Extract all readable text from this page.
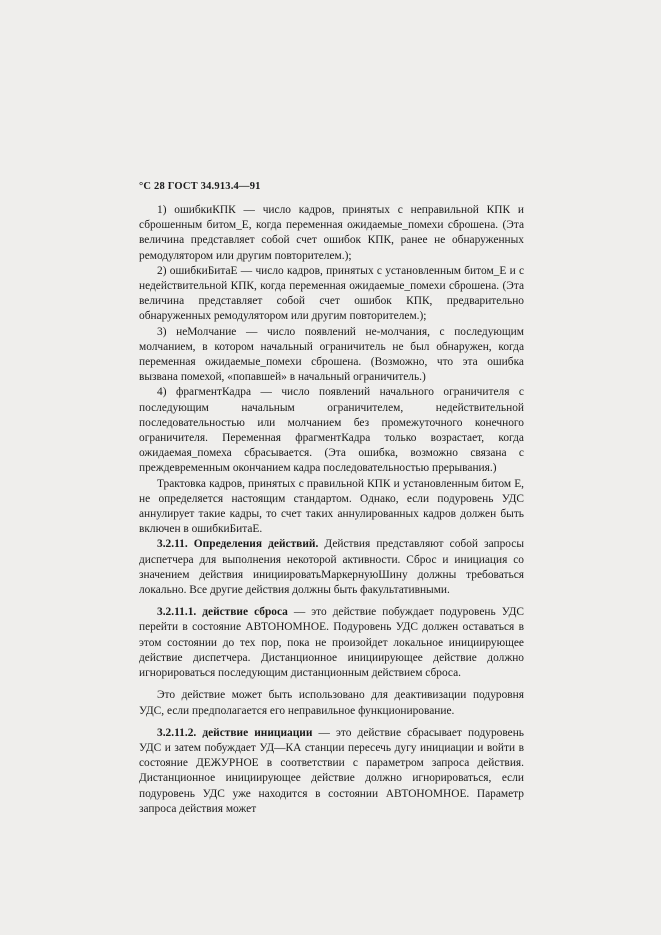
°C 28 ГОСТ 34.913.4—91

1) ошибкиКПК — число кадров, принятых с неправильной КПК и сброшенным битом_Е, когда переменная ожидаемые_помехи сброшена. (Эта величина представляет собой счет ошибок КПК, ранее не обнаруженных ремодулятором или другим повторителем.);

2) ошибкиБитаЕ — число кадров, принятых с установленным битом_Е и с недействительной КПК, когда переменная ожидаемые_помехи сброшена. (Эта величина представляет собой счет ошибок КПК, предварительно обнаруженных ремодулятором или другим повторителем.);

3) неМолчание — число появлений не-молчания, с последующим молчанием, в котором начальный ограничитель не был обнаружен, когда переменная ожидаемые_помехи сброшена. (Возможно, что эта ошибка вызвана помехой, «попавшей» в начальный ограничитель.)

4) фрагментКадра — число появлений начального ограничителя с последующим начальным ограничителем, недействительной последовательностью или молчанием без промежуточного конечного ограничителя. Переменная фрагментКадра только возрастает, когда ожидаемая_помеха сбрасывается. (Эта ошибка, возможно связана с преждевременным окончанием кадра последовательностью прерывания.)

Трактовка кадров, принятых с правильной КПК и установленным битом Е, не определяется настоящим стандартом. Однако, если подуровень УДС аннулирует такие кадры, то счет таких аннулированных кадров должен быть включен в ошибкиБитаЕ.

3.2.11. Определения действий. Действия представляют собой запросы диспетчера для выполнения некоторой активности. Сброс и инициация со значением действия инициироватьМаркернуюШину должны требоваться локально. Все другие действия должны быть факультативными.

3.2.11.1. действие сброса — это действие побуждает подуровень УДС перейти в состояние АВТОНОМНОЕ. Подуровень УДС должен оставаться в этом состоянии до тех пор, пока не произойдет локальное инициирующее действие диспетчера. Дистанционное инициирующее действие должно игнорироваться последующим дистанционным действием сброса.

Это действие может быть использовано для деактивизации подуровня УДС, если предполагается его неправильное функционирование.

3.2.11.2. действие инициации — это действие сбрасывает подуровень УДС и затем побуждает УД—КА станции пересечь дугу инициации и войти в состояние ДЕЖУРНОЕ в соответствии с параметром запроса действия. Дистанционное инициирующее действие должно игнорироваться, если подуровень УДС уже находится в состоянии АВТОНОМНОЕ. Параметр запроса действия может
